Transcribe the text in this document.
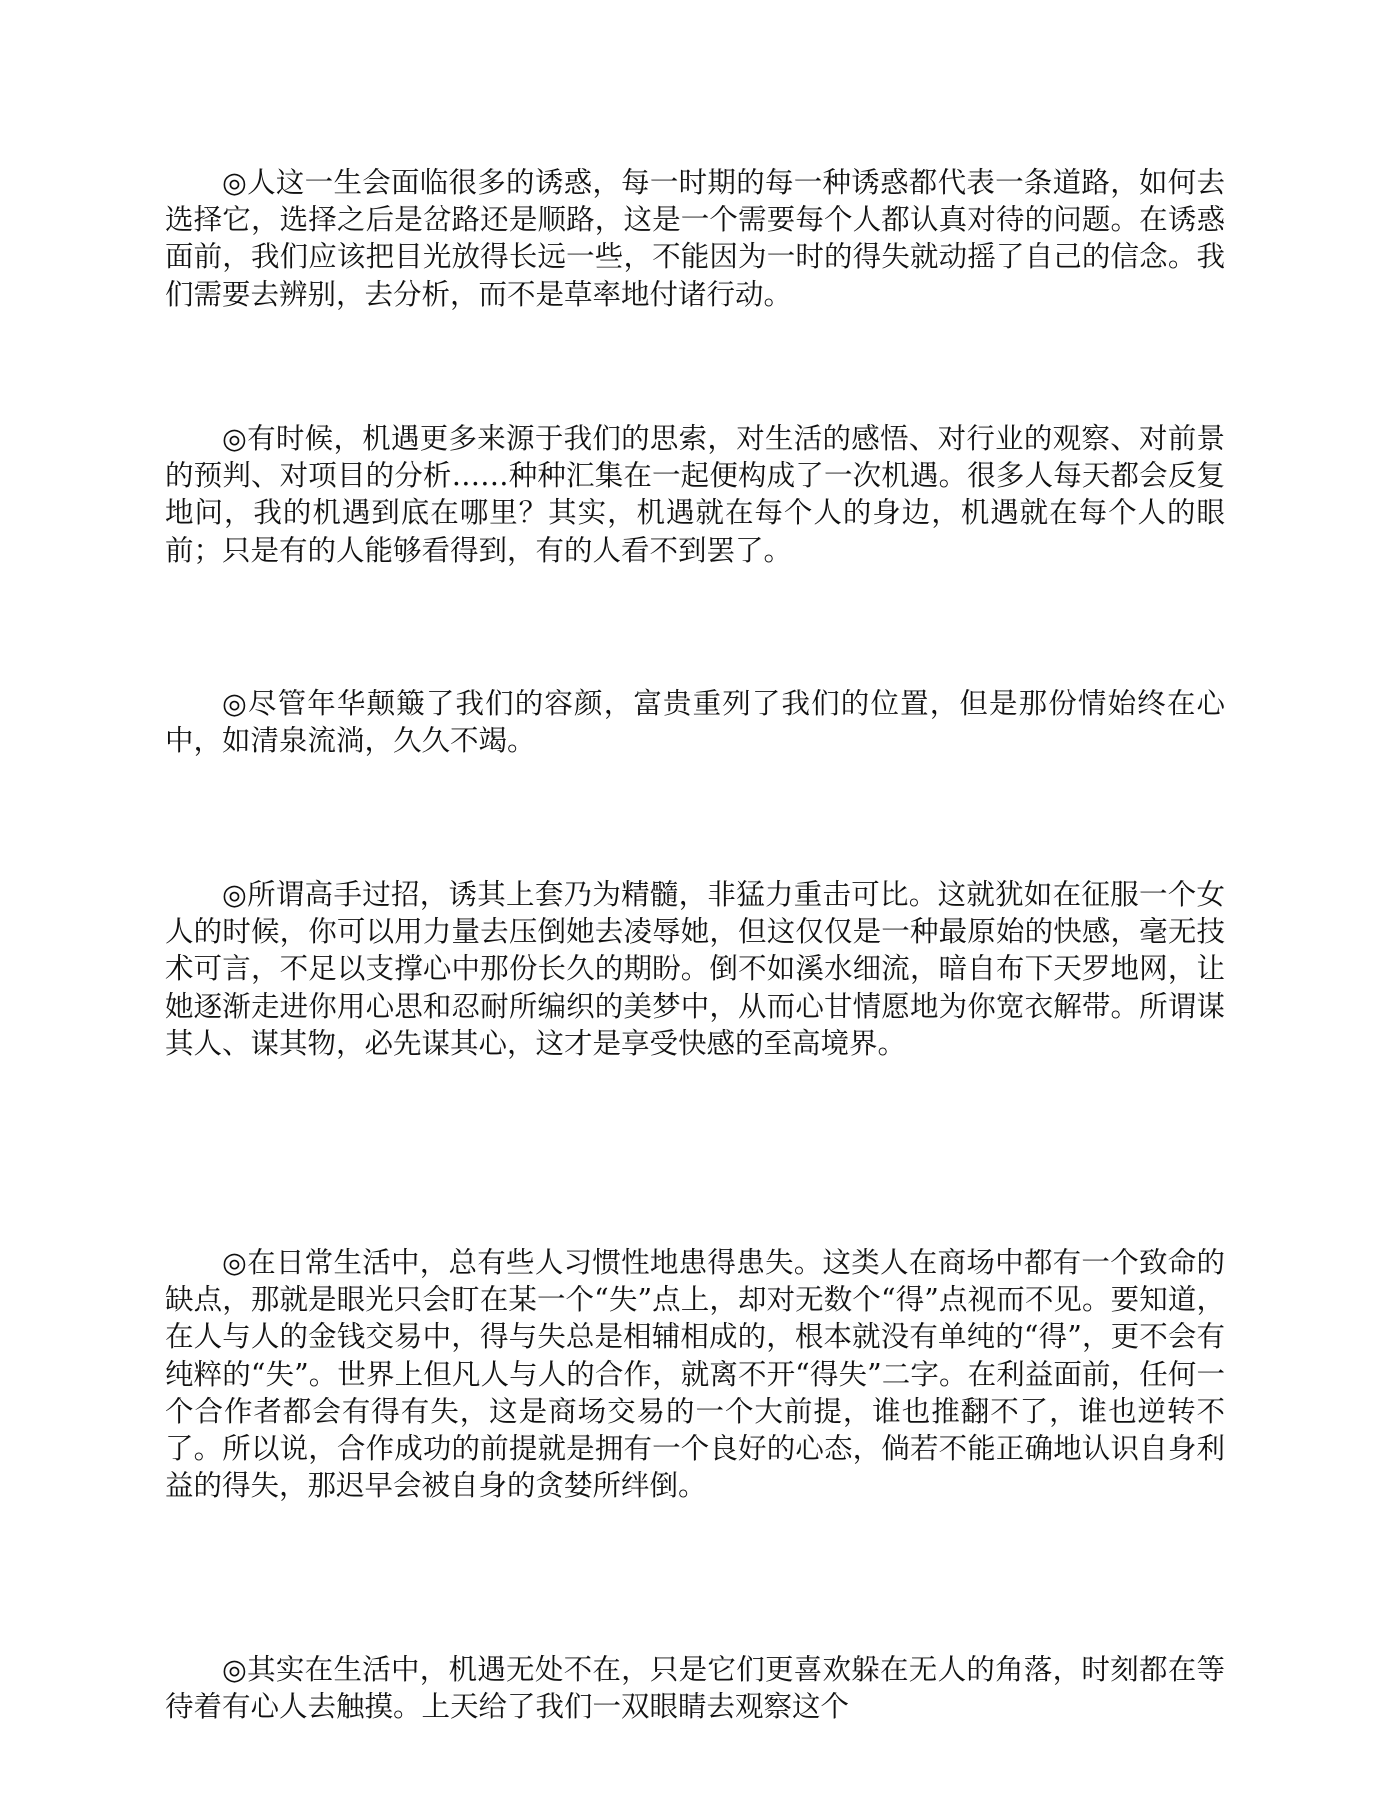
◎人这一生会面临很多的诱惑，每一时期的每一种诱惑都代表一条道路，如何去选择它，选择之后是岔路还是顺路，这是一个需要每个人都认真对待的问题。在诱惑面前，我们应该把目光放得长远一些，不能因为一时的得失就动摇了自己的信念。我们需要去辨别，去分析，而不是草率地付诸行动。

◎有时候，机遇更多来源于我们的思索，对生活的感悟、对行业的观察、对前景的预判、对项目的分析……种种汇集在一起便构成了一次机遇。很多人每天都会反复地问，我的机遇到底在哪里？其实，机遇就在每个人的身边，机遇就在每个人的眼前；只是有的人能够看得到，有的人看不到罢了。

◎尽管年华颠簸了我们的容颜，富贵重列了我们的位置，但是那份情始终在心中，如清泉流淌，久久不竭。

◎所谓高手过招，诱其上套乃为精髓，非猛力重击可比。这就犹如在征服一个女人的时候，你可以用力量去压倒她去凌辱她，但这仅仅是一种最原始的快感，毫无技术可言，不足以支撑心中那份长久的期盼。倒不如溪水细流，暗自布下天罗地网，让她逐渐走进你用心思和忍耐所编织的美梦中，从而心甘情愿地为你宽衣解带。所谓谋其人、谋其物，必先谋其心，这才是享受快感的至高境界。

◎在日常生活中，总有些人习惯性地患得患失。这类人在商场中都有一个致命的缺点，那就是眼光只会盯在某一个“失”点上，却对无数个“得”点视而不见。要知道，在人与人的金钱交易中，得与失总是相辅相成的，根本就没有单纯的“得”，更不会有纯粹的“失”。世界上但凡人与人的合作，就离不开“得失”二字。在利益面前，任何一个合作者都会有得有失，这是商场交易的一个大前提，谁也推翻不了，谁也逆转不了。所以说，合作成功的前提就是拥有一个良好的心态，倘若不能正确地认识自身利益的得失，那迟早会被自身的贪婪所绊倒。

◎其实在生活中，机遇无处不在，只是它们更喜欢躲在无人的角落，时刻都在等待着有心人去触摸。上天给了我们一双眼睛去观察这个
